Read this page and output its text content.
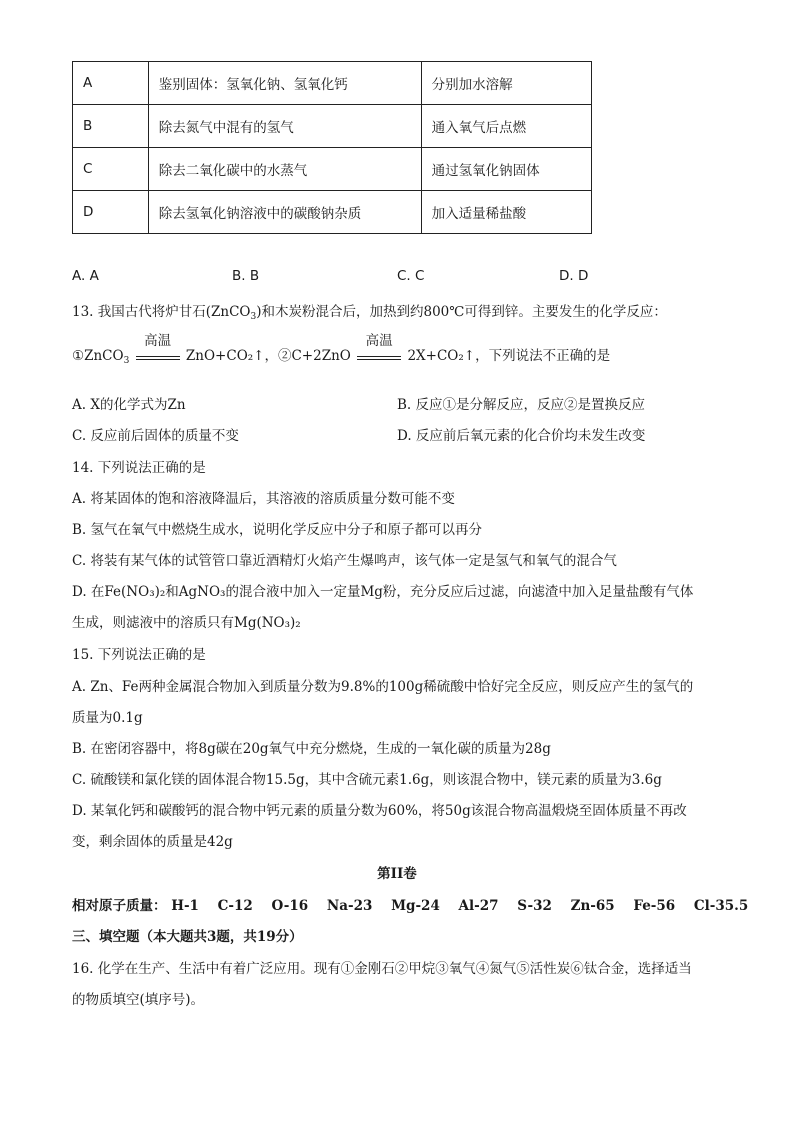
A	鉴别固体：氢氧化钠、氢氧化钙	分别加水溶解
B	除去氮气中混有的氢气	通入氧气后点燃
C	除去二氧化碳中的水蒸气	通过氢氧化钠固体
D	除去氢氧化钠溶液中的碳酸钠杂质	加入适量稀盐酸
A. A	B. B	C. C	D. D
13. 我国古代将炉甘石(ZnCO$_3$)和木炭粉混合后，加热到约800℃可得到锌。主要发生的化学反应：
①ZnCO$_3$
高温
ZnO+CO₂↑，②C+2ZnO
高温
2X+CO₂↑，下列说法不正确的是
A. X的化学式为Zn	B. 反应①是分解反应，反应②是置换反应
C. 反应前后固体的质量不变	D. 反应前后氧元素的化合价均未发生改变
14. 下列说法正确的是
A. 将某固体的饱和溶液降温后，其溶液的溶质质量分数可能不变
B. 氢气在氧气中燃烧生成水，说明化学反应中分子和原子都可以再分
C. 将装有某气体的试管管口靠近酒精灯火焰产生爆鸣声，该气体一定是氢气和氧气的混合气
D. 在Fe(NO₃)₂和AgNO₃的混合液中加入一定量Mg粉，充分反应后过滤，向滤渣中加入足量盐酸有气体
生成，则滤液中的溶质只有Mg(NO₃)₂
15. 下列说法正确的是
A. Zn、Fe两种金属混合物加入到质量分数为9.8%的100g稀硫酸中恰好完全反应，则反应产生的氢气的
质量为0.1g
B. 在密闭容器中，将8g碳在20g氧气中充分燃烧，生成的一氧化碳的质量为28g
C. 硫酸镁和氯化镁的固体混合物15.5g，其中含硫元素1.6g，则该混合物中，镁元素的质量为3.6g
D. 某氧化钙和碳酸钙的混合物中钙元素的质量分数为60%，将50g该混合物高温煅烧至固体质量不再改
变，剩余固体的质量是42g
第II卷
相对原子质量： H-1 C-12 O-16 Na-23 Mg-24 Al-27 S-32 Zn-65 Fe-56 Cl-35.5
三、填空题（本大题共3题，共19分）
16. 化学在生产、生活中有着广泛应用。现有①金刚石②甲烷③氧气④氮气⑤活性炭⑥钛合金，选择适当
的物质填空(填序号)。
